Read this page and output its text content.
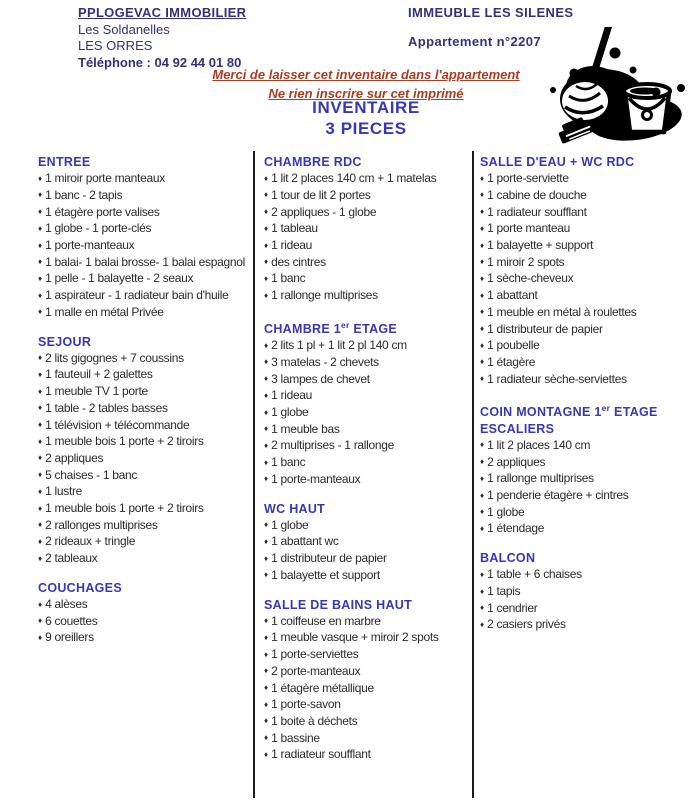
PPLOGEVAC IMMOBILIER
Les Soldanelles
LES ORRES
Téléphone : 04 92 44 01 80
IMMEUBLE LES SILENES
Appartement n°2207
Merci de laisser cet inventaire dans l'appartement
Ne rien inscrire sur cet imprimé
INVENTAIRE
3 PIECES
ENTREE
♦ 1 miroir porte manteaux
♦ 1 banc - 2 tapis
♦ 1 étagère porte valises
♦ 1 globe - 1 porte-clés
♦ 1 porte-manteaux
♦ 1 balai- 1 balai brosse- 1 balai espagnol
♦ 1 pelle - 1 balayette - 2 seaux
♦ 1 aspirateur - 1 radiateur bain d'huile
♦ 1 malle en métal Privée
SEJOUR
♦ 2 lits gigognes + 7 coussins
♦ 1 fauteuil + 2 galettes
♦ 1 meuble TV 1 porte
♦ 1 table - 2 tables basses
♦ 1 télévision + télécommande
♦ 1 meuble bois 1 porte + 2 tiroirs
♦ 2 appliques
♦ 5 chaises - 1 banc
♦ 1 lustre
♦ 1 meuble bois 1 porte + 2 tiroirs
♦ 2 rallonges multiprises
♦ 2 rideaux + tringle
♦ 2 tableaux
COUCHAGES
♦ 4 alèses
♦ 6 couettes
♦ 9 oreillers
CHAMBRE RDC
♦ 1 lit 2 places 140 cm + 1 matelas
♦ 1 tour de lit 2 portes
♦ 2 appliques - 1 globe
♦ 1 tableau
♦ 1 rideau
♦ des cintres
♦ 1 banc
♦ 1 rallonge multiprises
CHAMBRE 1er ETAGE
♦ 2 lits 1 pl + 1 lit 2 pl 140 cm
♦ 3 matelas - 2 chevets
♦ 3 lampes de chevet
♦ 1 rideau
♦ 1 globe
♦ 1 meuble bas
♦ 2 multiprises - 1 rallonge
♦ 1 banc
♦ 1 porte-manteaux
WC HAUT
♦ 1 globe
♦ 1 abattant wc
♦ 1 distributeur de papier
♦ 1 balayette et support
SALLE DE BAINS HAUT
♦ 1 coiffeuse en marbre
♦ 1 meuble vasque + miroir 2 spots
♦ 1 porte-serviettes
♦ 2 porte-manteaux
♦ 1 étagère métallique
♦ 1 porte-savon
♦ 1 boite à déchets
♦ 1 bassine
♦ 1 radiateur soufflant
SALLE D'EAU + WC RDC
♦ 1 porte-serviette
♦ 1 cabine de douche
♦ 1 radiateur soufflant
♦ 1 porte manteau
♦ 1 balayette + support
♦ 1 miroir 2 spots
♦ 1 sèche-cheveux
♦ 1 abattant
♦ 1 meuble en métal à roulettes
♦ 1 distributeur de papier
♦ 1 poubelle
♦ 1 étagère
♦ 1 radiateur sèche-serviettes
COIN MONTAGNE 1er ETAGE
ESCALIERS
♦ 1 lit 2 places 140 cm
♦ 2 appliques
♦ 1 rallonge multiprises
♦ 1 penderie étagère + cintres
♦ 1 globe
♦ 1 étendage
BALCON
♦ 1 table + 6 chaises
♦ 1 tapis
♦ 1 cendrier
♦ 2 casiers privés
